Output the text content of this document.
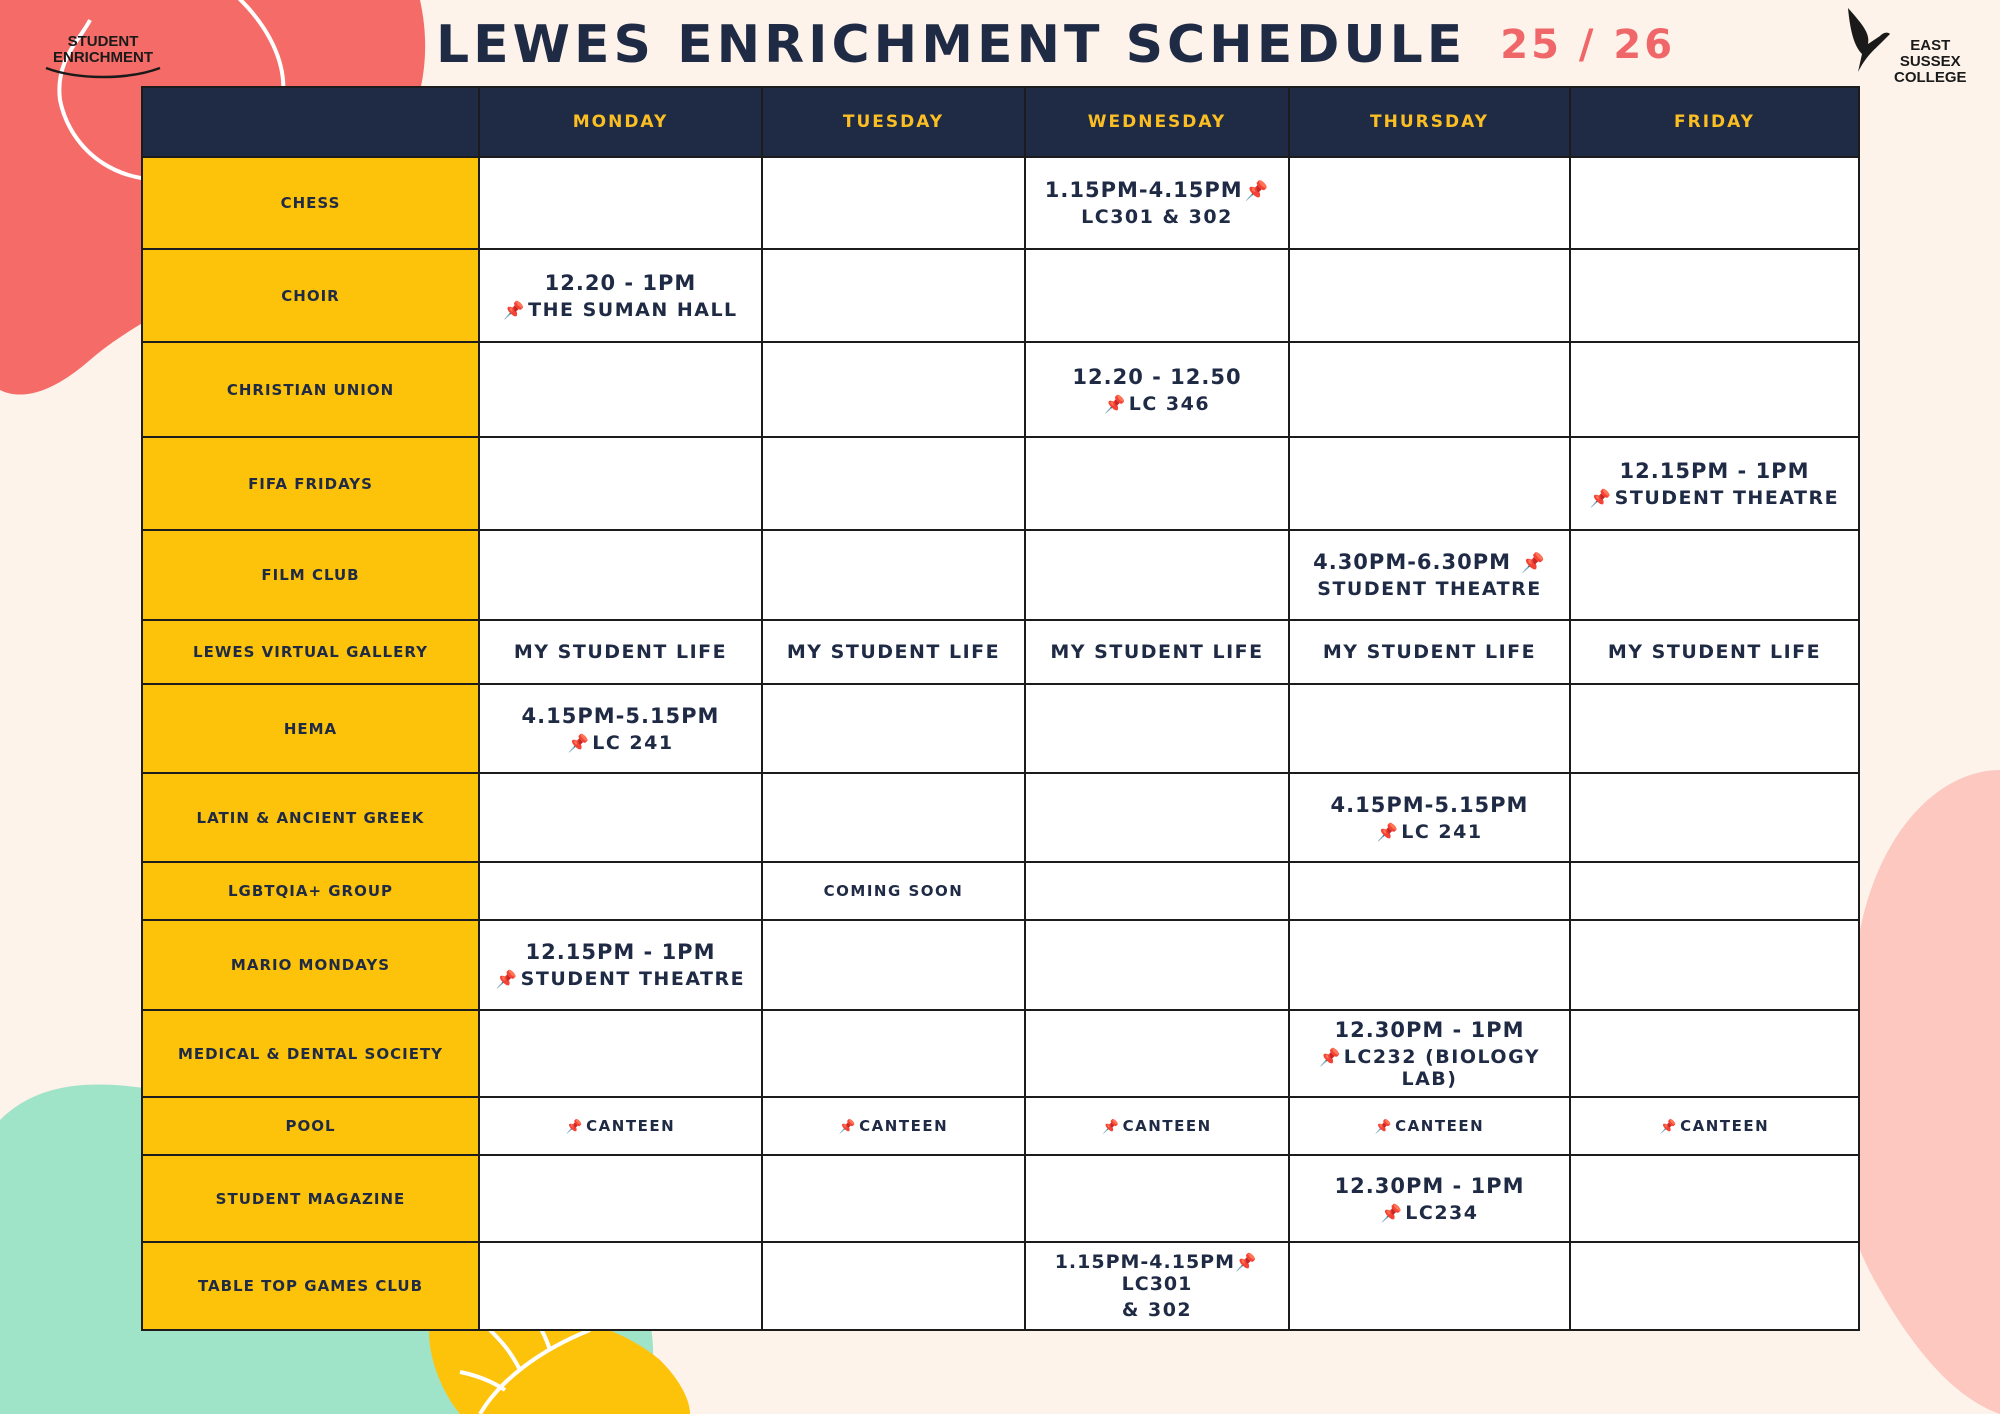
STUDENT
ENRICHMENT	LEWES ENRICHMENT SCHEDULE 25 / 26	EAST
SUSSEX
COLLEGE
	MONDAY	TUESDAY	WEDNESDAY	THURSDAY	FRIDAY
CHESS			1.15PM-4.15PM 📌
LC301 & 302		

CHOIR	12.20 - 1PM
📌 THE SUMAN HALL				

CHRISTIAN UNION			12.20 - 12.50
📌 LC 346		

FIFA FRIDAYS					12.15PM - 1PM
📌 STUDENT THEATRE

FILM CLUB				4.30PM-6.30PM 📌
STUDENT THEATRE	

LEWES VIRTUAL GALLERY	MY STUDENT LIFE	MY STUDENT LIFE	MY STUDENT LIFE	MY STUDENT LIFE	MY STUDENT LIFE

HEMA	4.15PM-5.15PM
📌 LC 241				

LATIN & ANCIENT GREEK				4.15PM-5.15PM
📌 LC 241	

LGBTQIA+ GROUP		COMING SOON			

MARIO MONDAYS	12.15PM - 1PM
📌 STUDENT THEATRE				

MEDICAL & DENTAL SOCIETY				12.30PM - 1PM
📌 LC232 (BIOLOGY LAB)	

POOL	📌 CANTEEN	📌 CANTEEN	📌 CANTEEN	📌 CANTEEN	📌 CANTEEN

STUDENT MAGAZINE				12.30PM - 1PM
📌 LC234	

TABLE TOP GAMES CLUB			1.15PM-4.15PM📌LC301
& 302		
